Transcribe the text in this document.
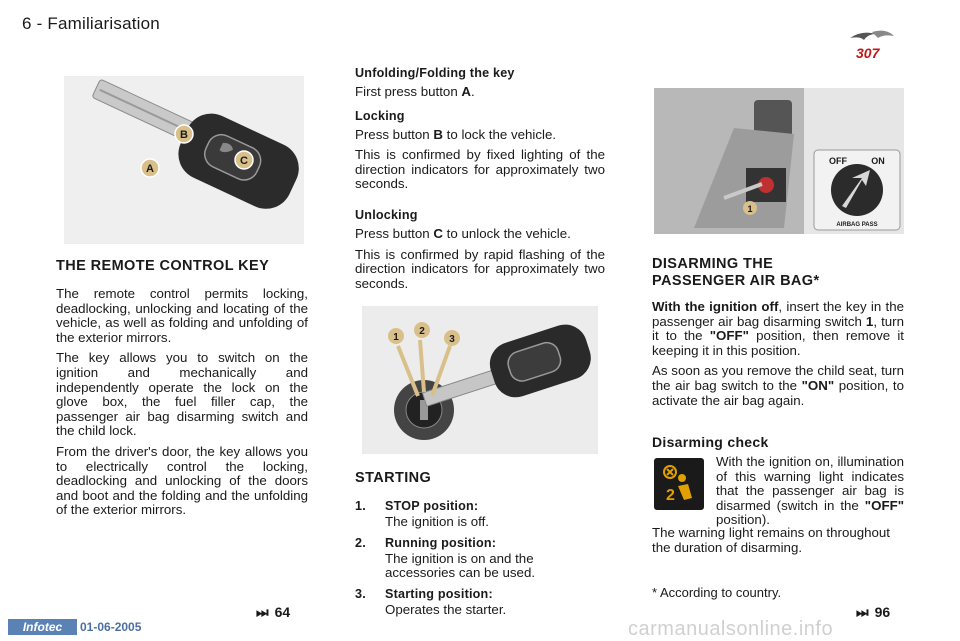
6 - Familiarisation
307
B
A
C
THE REMOTE CONTROL KEY

The remote control permits locking, deadlocking, unlocking and locating of the vehicle, as well as folding and unfolding of the exterior mirrors.

The key allows you to switch on the ignition and mechanically and independently operate the lock on the glove box, the fuel filler cap, the passenger air bag disarming switch and the child lock.

From the driver's door, the key allows you to electrically control the locking, deadlocking and unlocking of the doors and boot and the folding and the unfolding of the exterior mirrors.

Unfolding/Folding the key

First press button A.

Locking

Press button B to lock the vehicle.

This is confirmed by fixed lighting of the direction indicators for approximately two seconds.

Unlocking

Press button C to unlock the vehicle.

This is confirmed by rapid flashing of the direction indicators for approximately two seconds.

1
2
3
STARTING

1. STOP position:

The ignition is off.

2. Running position:

The ignition is on and the accessories can be used.

3. Starting position:

Operates the starter.

1
OFF	ON
AIRBAG PASS
DISARMING THE
PASSENGER AIR BAG*

With the ignition off, insert the key in the passenger air bag disarming switch 1, turn it to the "OFF" position, then remove it keeping it in this position.

As soon as you remove the child seat, turn the air bag switch to the "ON" position, to activate the air bag again.

Disarming check
2

With the ignition on, illumination of this warning light indicates that the passenger air bag is disarmed (switch in the "OFF" position).

The warning light remains on throughout the duration of disarming.

* According to country.
⏭ 64	⏭ 96
Infotec	01-06-2005	carmanualsonline.info
